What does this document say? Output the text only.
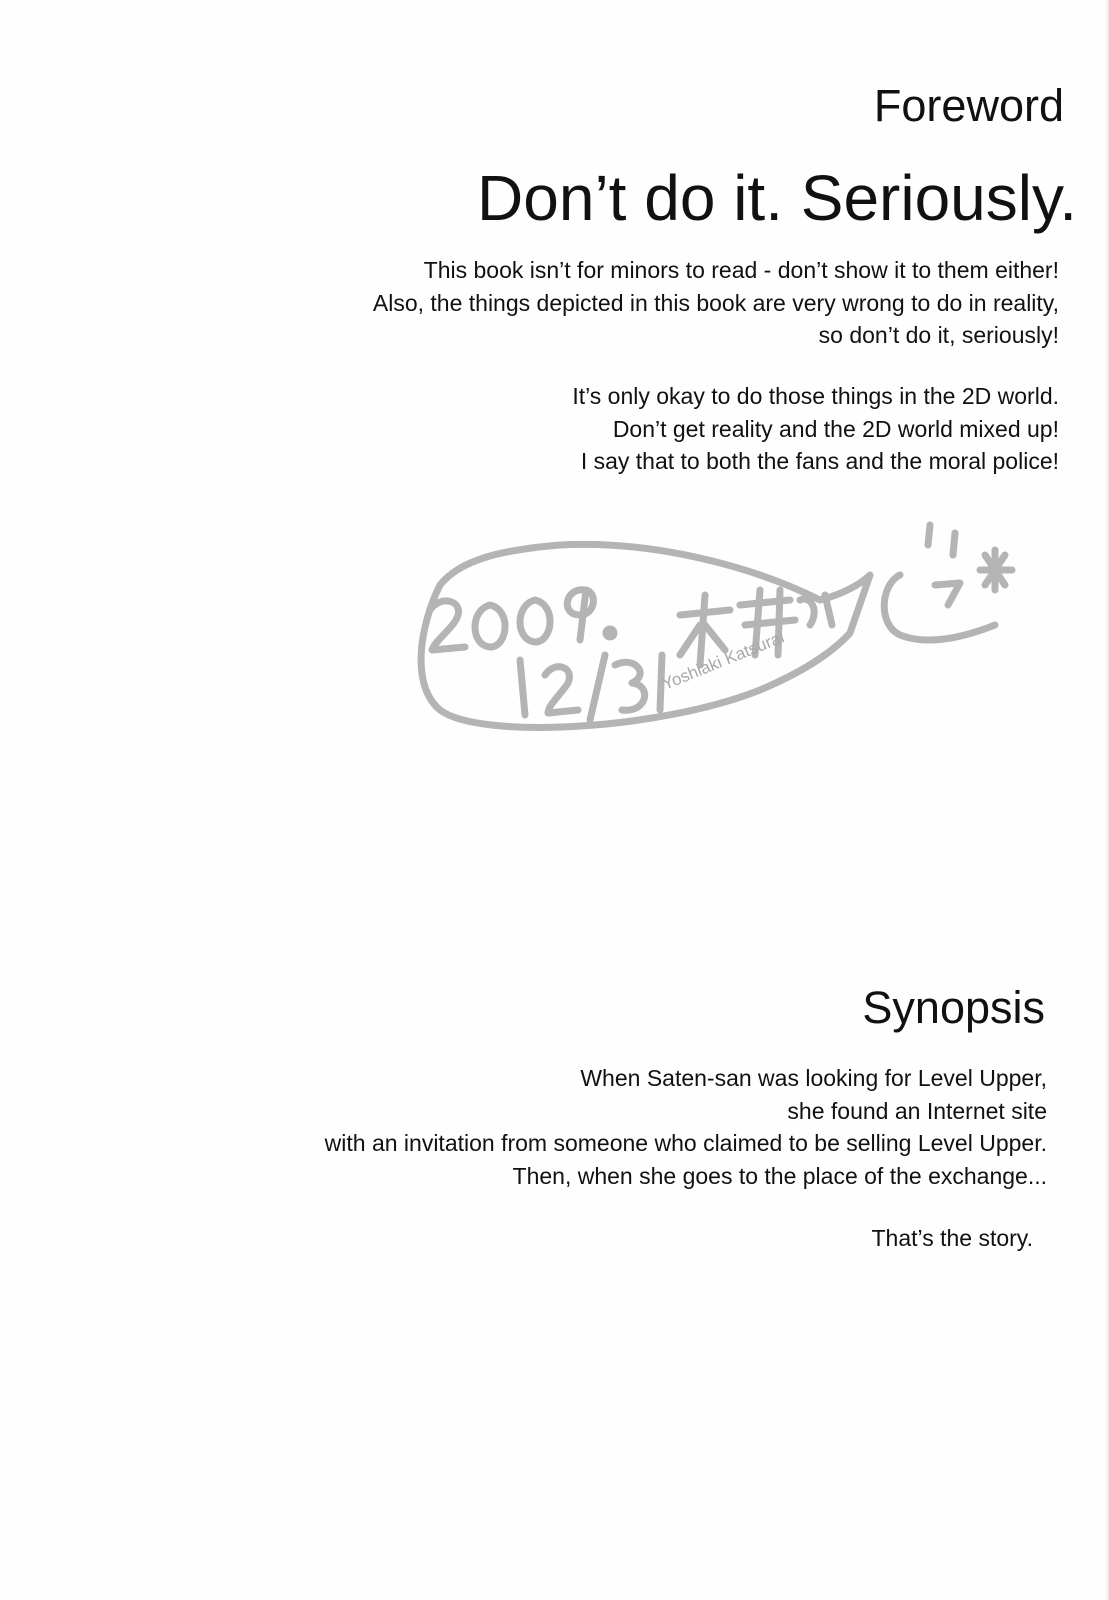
Foreword
Don’t do it. Seriously.
This book isn’t for minors to read - don’t show it to them either!
Also, the things depicted in this book are very wrong to do in reality,
so don’t do it, seriously!
It’s only okay to do those things in the 2D world.
Don’t get reality and the 2D world mixed up!
I say that to both the fans and the moral police!
Yoshiaki Katsurai
Synopsis
When Saten-san was looking for Level Upper,
she found an Internet site
with an invitation from someone who claimed to be selling Level Upper.
Then, when she goes to the place of the exchange...
That’s the story.
